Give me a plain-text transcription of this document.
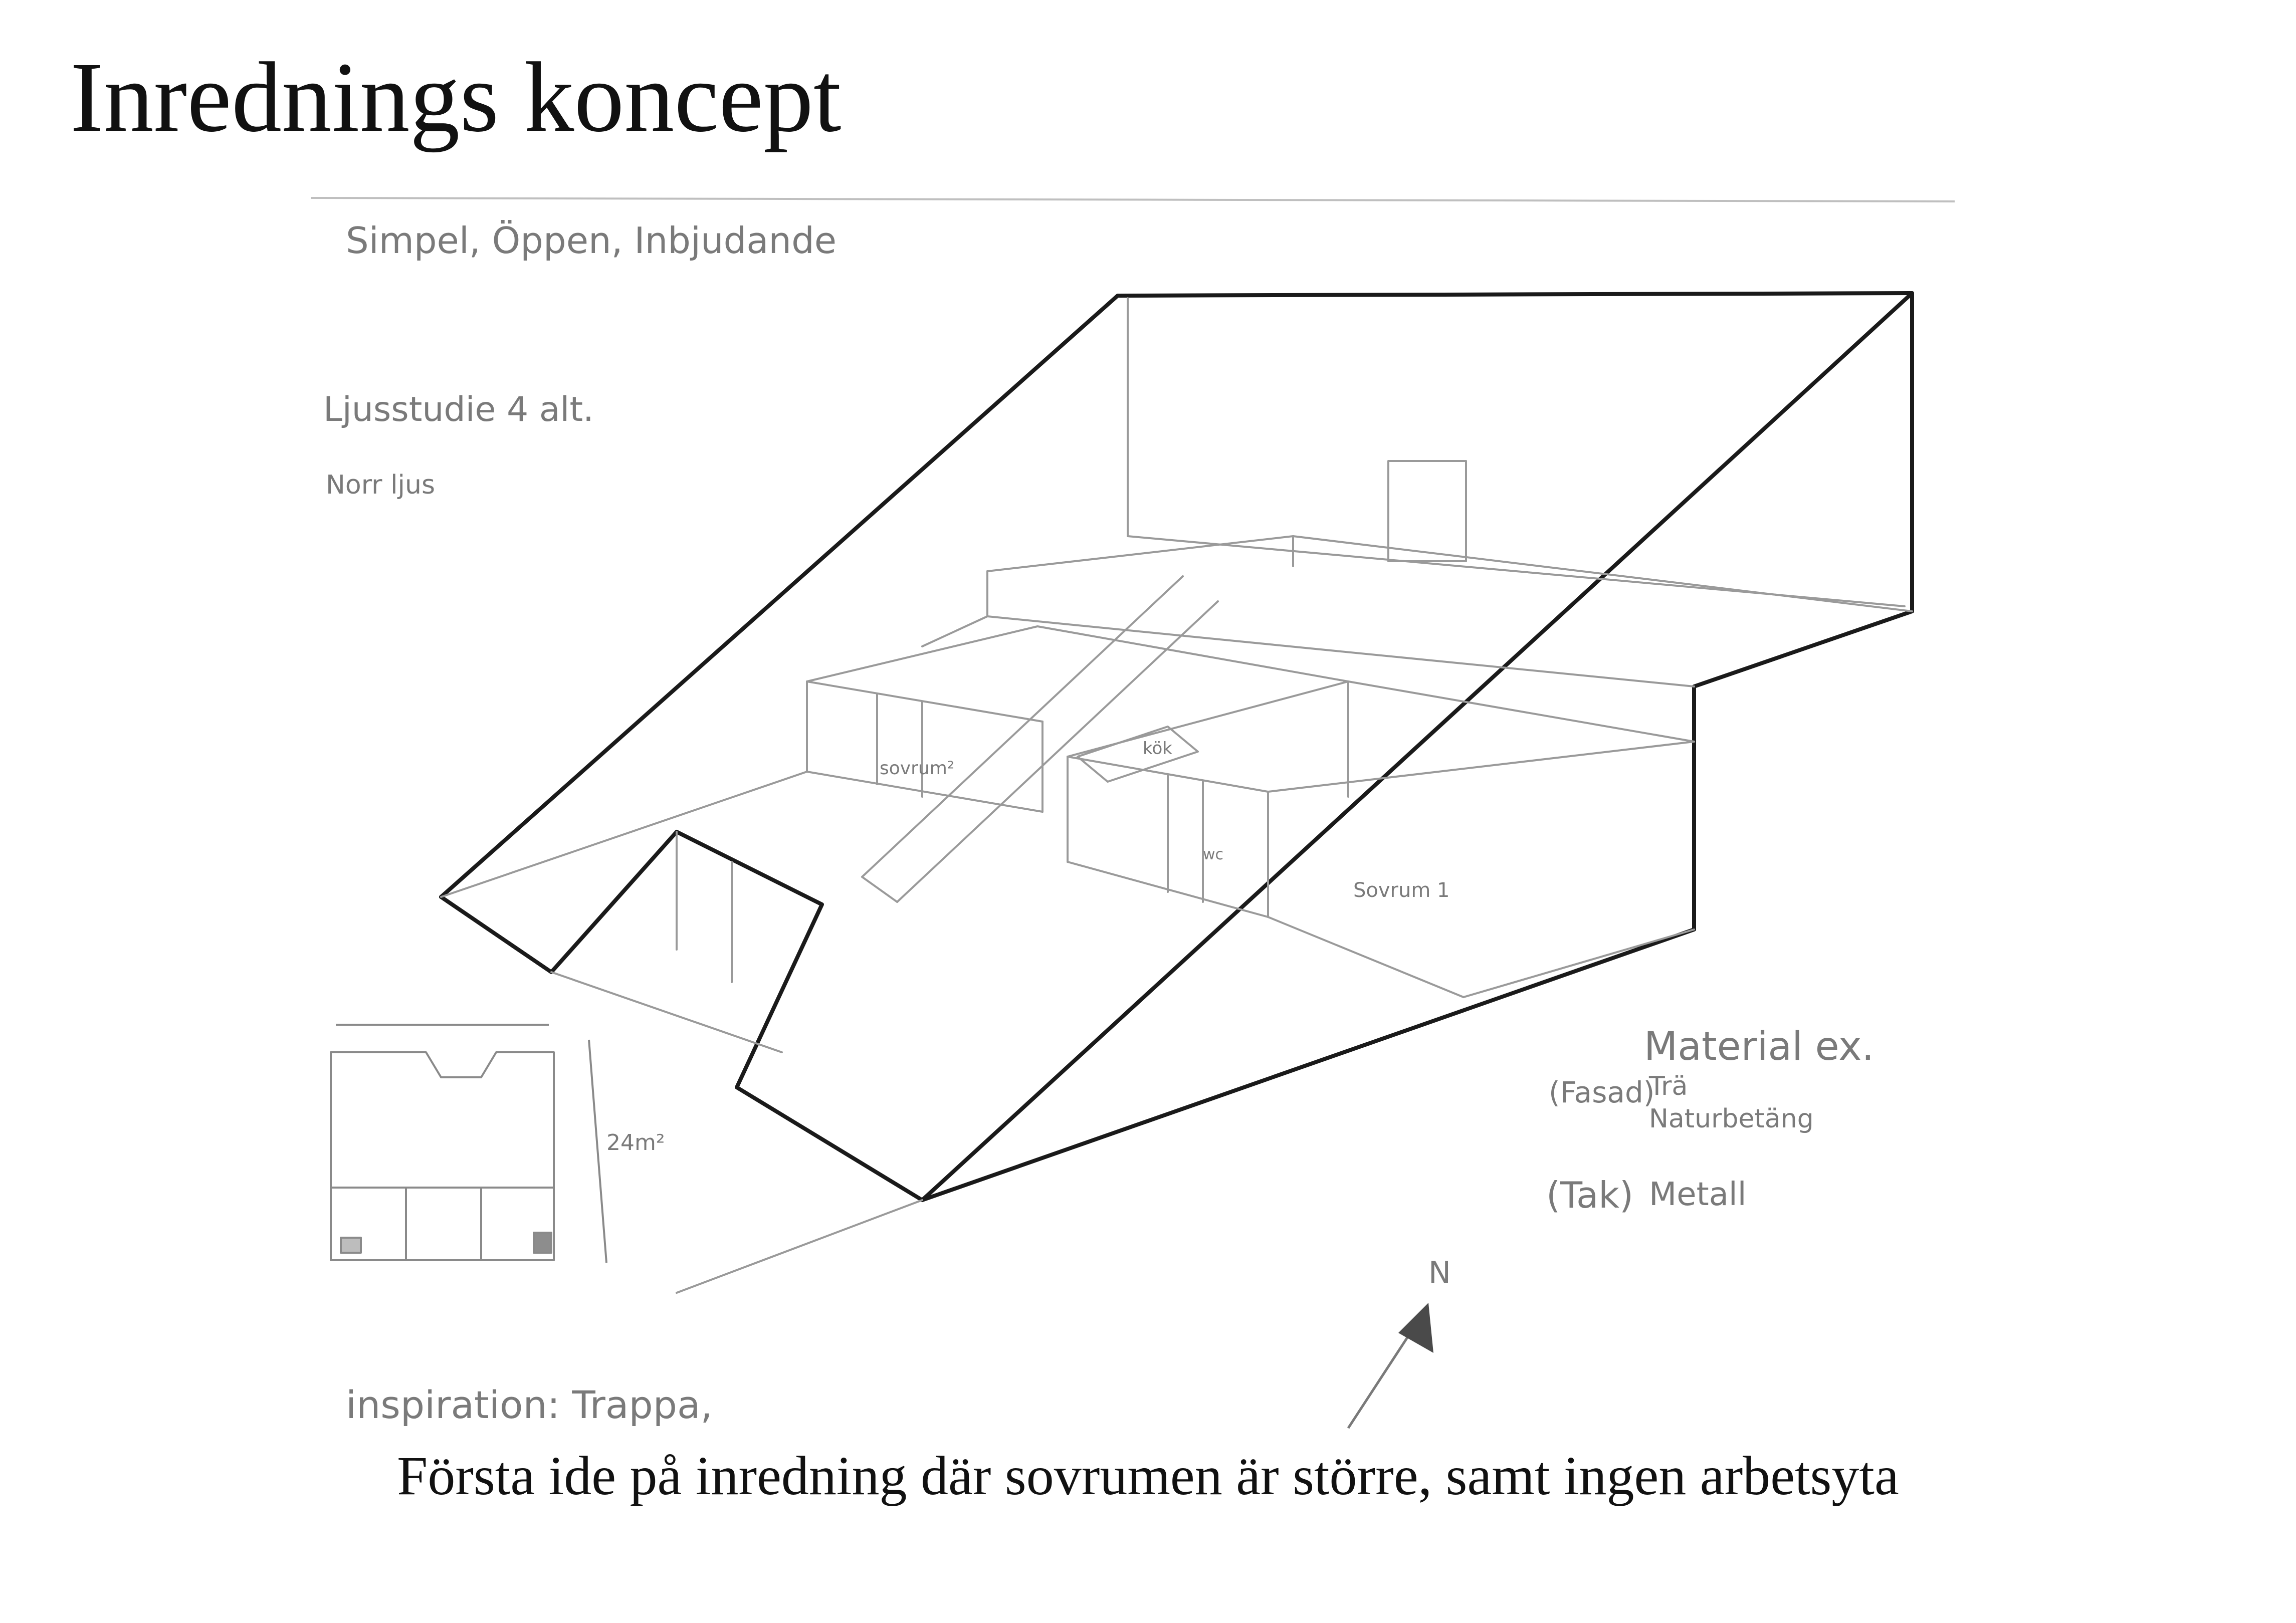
Inrednings koncept
N
Simpel, Öppen, Inbjudande
Ljusstudie 4 alt.
Norr ljus
inspiration: Trappa,
Material ex.
(Fasad)
Trä
Naturbetäng
(Tak) Metall
sovrum²
kök
wc
Sovrum 1
24m²

Första ide på inredning där sovrumen är större, samt ingen arbetsyta
